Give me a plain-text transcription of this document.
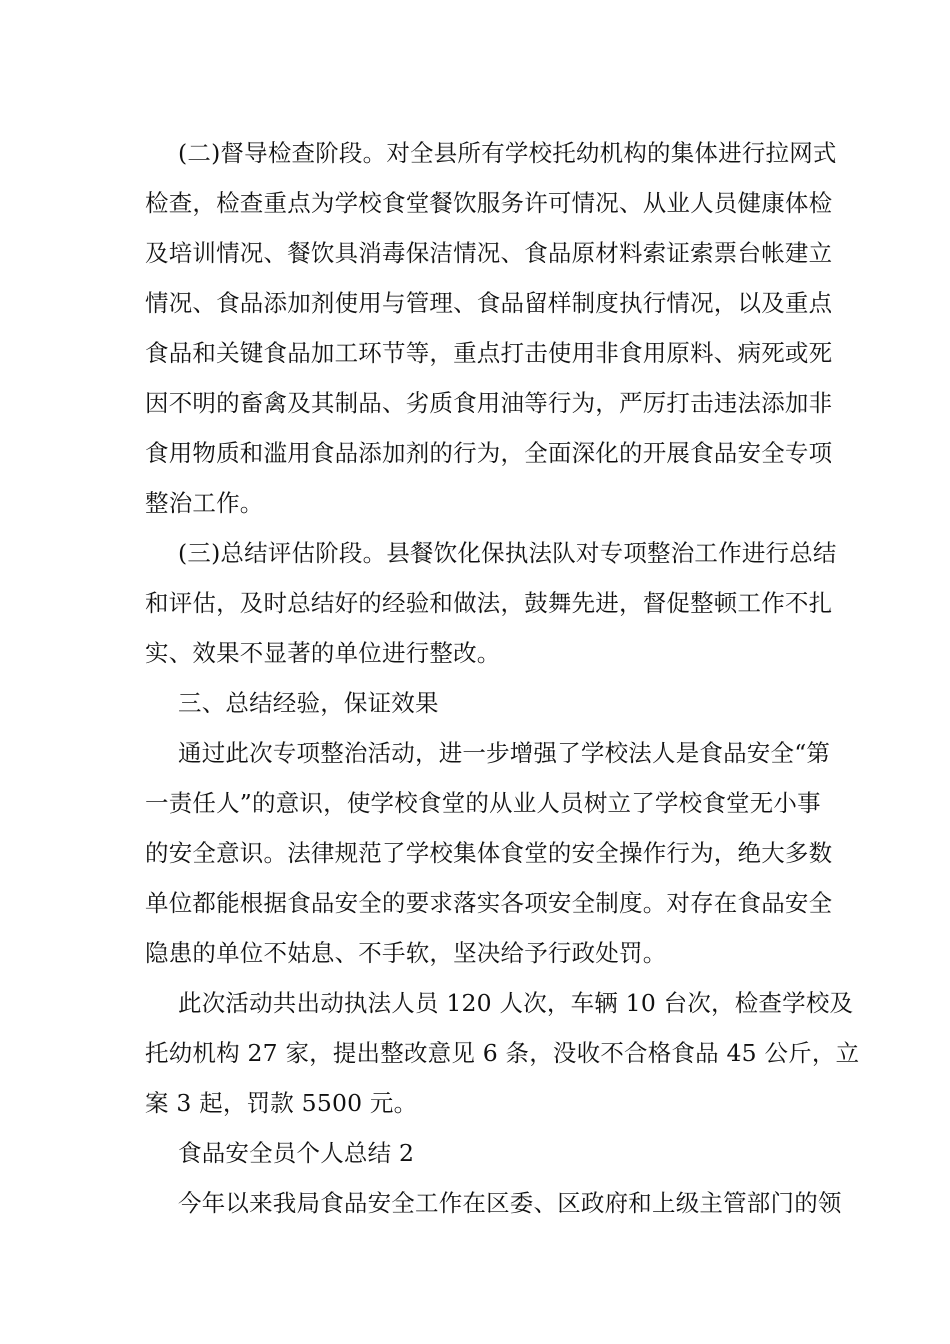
(二)督导检查阶段。对全县所有学校托幼机构的集体进行拉网式
检查，检查重点为学校食堂餐饮服务许可情况、从业人员健康体检
及培训情况、餐饮具消毒保洁情况、食品原材料索证索票台帐建立
情况、食品添加剂使用与管理、食品留样制度执行情况，以及重点
食品和关键食品加工环节等，重点打击使用非食用原料、病死或死
因不明的畜禽及其制品、劣质食用油等行为，严厉打击违法添加非
食用物质和滥用食品添加剂的行为，全面深化的开展食品安全专项
整治工作。
(三)总结评估阶段。县餐饮化保执法队对专项整治工作进行总结
和评估，及时总结好的经验和做法，鼓舞先进，督促整顿工作不扎
实、效果不显著的单位进行整改。
三、总结经验，保证效果
通过此次专项整治活动，进一步增强了学校法人是食品安全“第
一责任人”的意识，使学校食堂的从业人员树立了学校食堂无小事
的安全意识。法律规范了学校集体食堂的安全操作行为，绝大多数
单位都能根据食品安全的要求落实各项安全制度。对存在食品安全
隐患的单位不姑息、不手软，坚决给予行政处罚。
此次活动共出动执法人员 120 人次，车辆 10 台次，检查学校及
托幼机构 27 家，提出整改意见 6 条，没收不合格食品 45 公斤，立
案 3 起，罚款 5500 元。
食品安全员个人总结 2
今年以来我局食品安全工作在区委、区政府和上级主管部门的领
